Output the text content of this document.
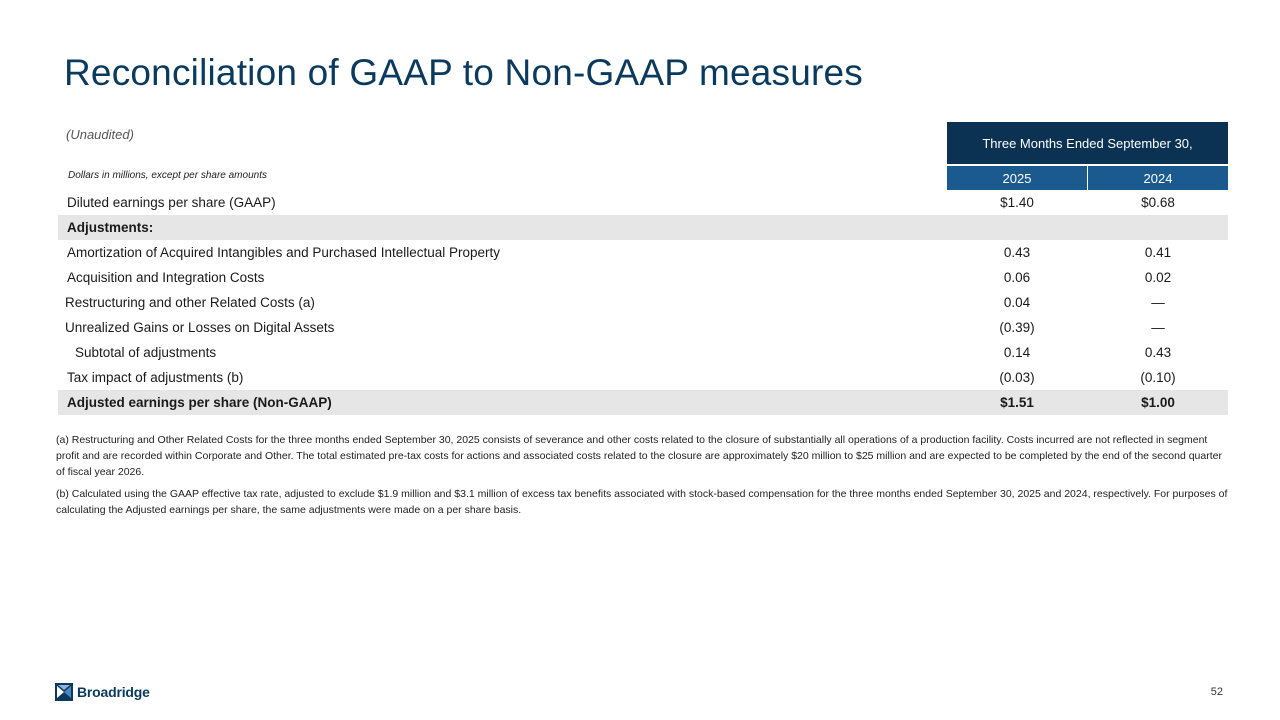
Reconciliation of GAAP to Non-GAAP measures
(Unaudited)
Three Months Ended September 30,
Dollars in millions, except per share amounts	2025	2024
Diluted earnings per share (GAAP)	$1.40	$0.68
Adjustments:
Amortization of Acquired Intangibles and Purchased Intellectual Property	0.43	0.41
Acquisition and Integration Costs	0.06	0.02
Restructuring and other Related Costs (a)	0.04	—
Unrealized Gains or Losses on Digital Assets	(0.39)	—
Subtotal of adjustments	0.14	0.43
Tax impact of adjustments (b)	(0.03)	(0.10)
Adjusted earnings per share (Non-GAAP)	$1.51	$1.00

(a) Restructuring and Other Related Costs for the three months ended September 30, 2025 consists of severance and other costs related to the closure of substantially all operations of a production facility. Costs incurred are not reflected in segment profit and are recorded within Corporate and Other. The total estimated pre-tax costs for actions and associated costs related to the closure are approximately $20 million to $25 million and are expected to be completed by the end of the second quarter of fiscal year 2026.

(b) Calculated using the GAAP effective tax rate, adjusted to exclude $1.9 million and $3.1 million of excess tax benefits associated with stock-based compensation for the three months ended September 30, 2025 and 2024, respectively. For purposes of calculating the Adjusted earnings per share, the same adjustments were made on a per share basis.

Broadridge	52
